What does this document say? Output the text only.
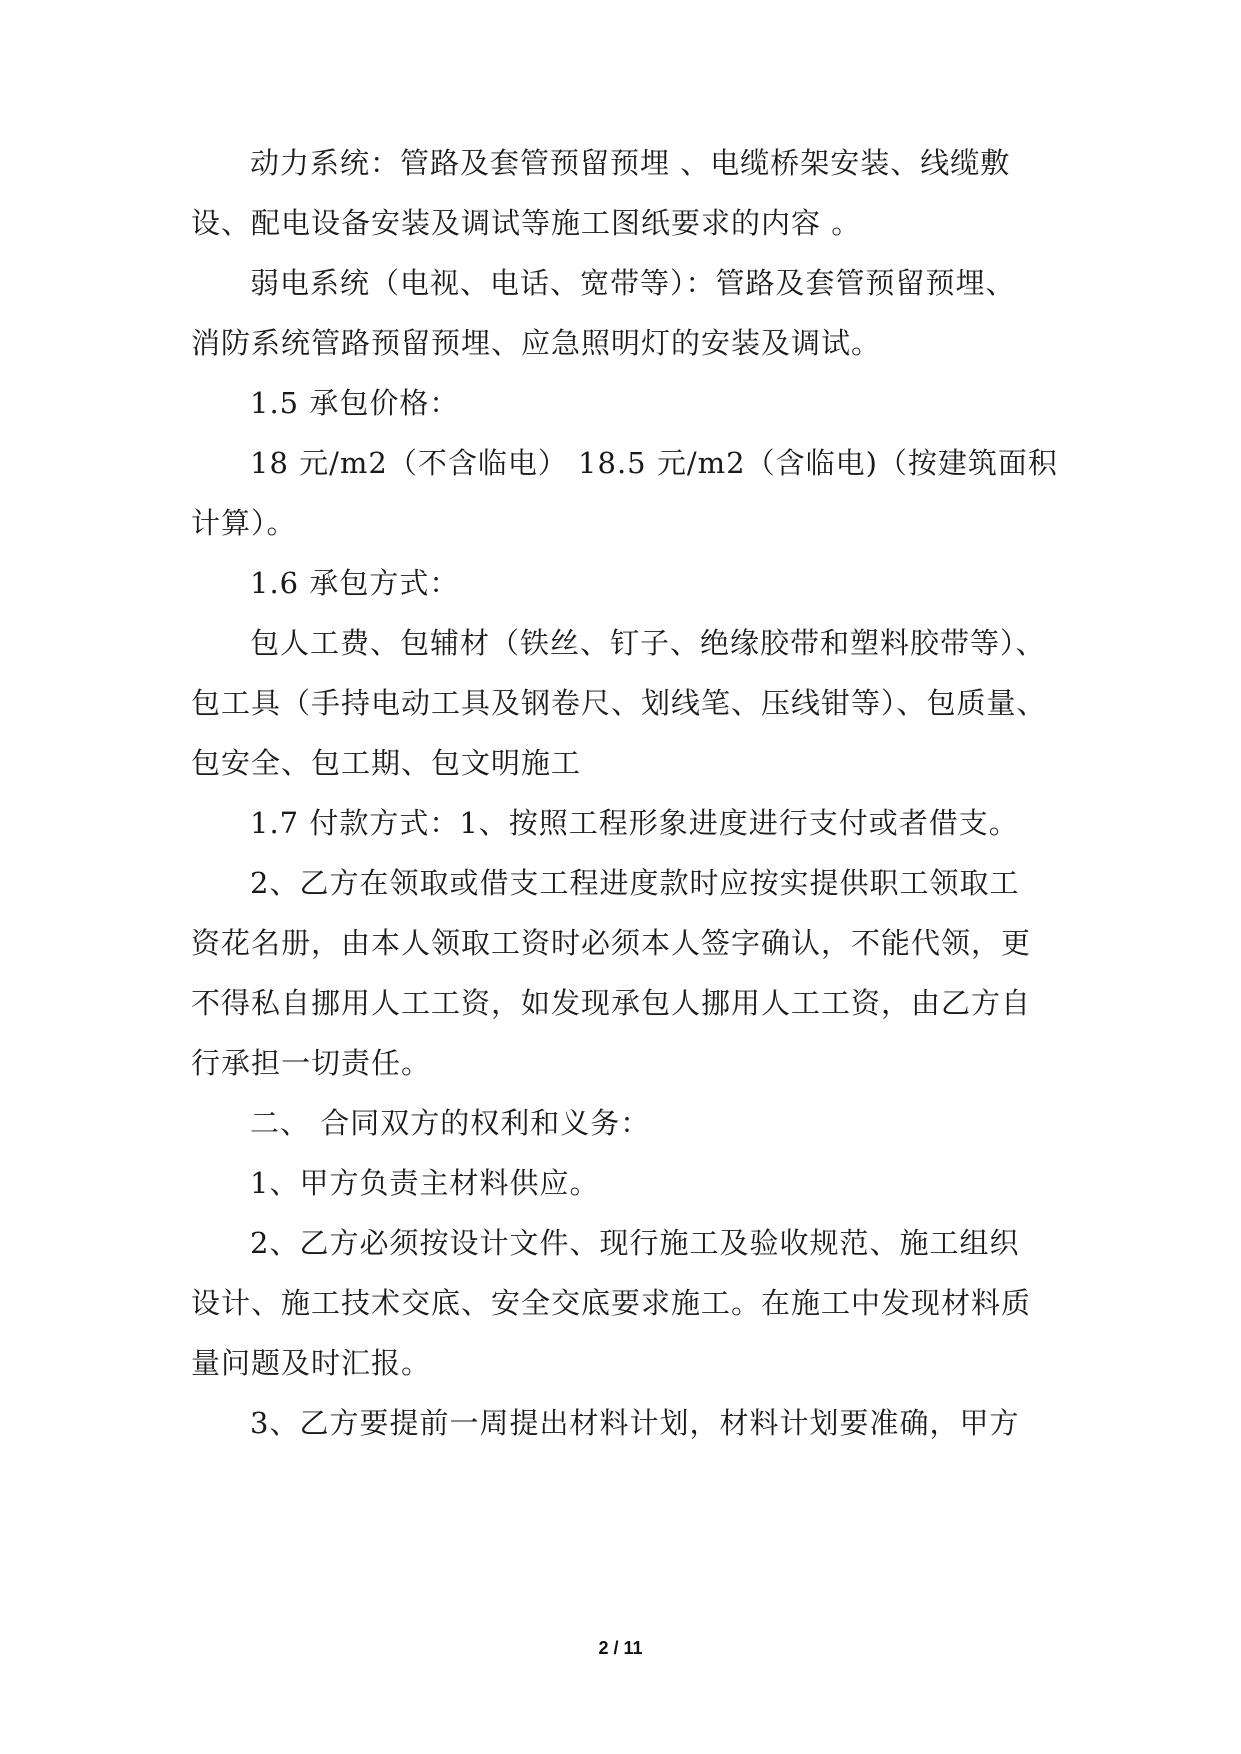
动力系统：管路及套管预留预埋 、电缆桥架安装、线缆敷
设、配电设备安装及调试等施工图纸要求的内容 。
弱电系统（电视、电话、宽带等）：管路及套管预留预埋、
消防系统管路预留预埋、应急照明灯的安装及调试。
1.5 承包价格：
18 元/m2（不含临电） 18.5 元/m2（含临电)（按建筑面积
计算）。
1.6 承包方式：
包人工费、包辅材（铁丝、钉子、绝缘胶带和塑料胶带等）、
包工具（手持电动工具及钢卷尺、划线笔、压线钳等）、包质量、
包安全、包工期、包文明施工
1.7 付款方式：1、按照工程形象进度进行支付或者借支。
2、乙方在领取或借支工程进度款时应按实提供职工领取工
资花名册，由本人领取工资时必须本人签字确认，不能代领，更
不得私自挪用人工工资，如发现承包人挪用人工工资，由乙方自
行承担一切责任。
二、 合同双方的权利和义务：
1、甲方负责主材料供应。
2、乙方必须按设计文件、现行施工及验收规范、施工组织
设计、施工技术交底、安全交底要求施工。在施工中发现材料质
量问题及时汇报。
3、乙方要提前一周提出材料计划，材料计划要准确，甲方
2 / 11
